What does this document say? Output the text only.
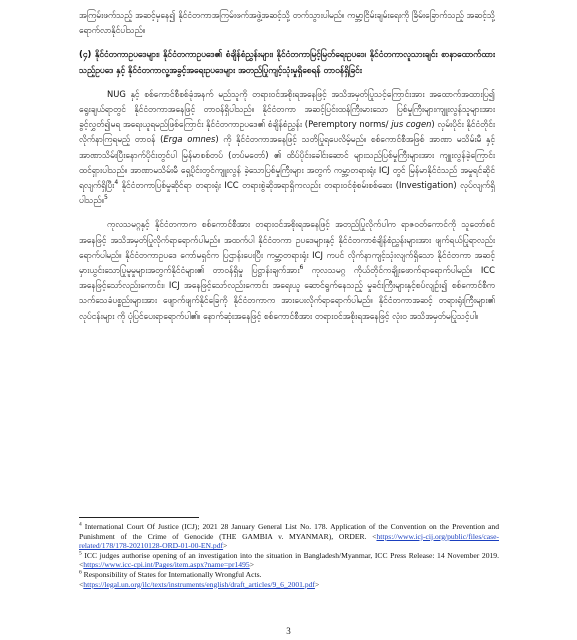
အကြမ်းဖက်သည့် အဆင့်မှနေ၍ နိုင်ငံတကာအကြမ်းဖက်အဖွဲ့အဆင့်သို့ တက်သွားပါမည်။ ကမ္ဘာ့ငြိမ်းချမ်းရေးကို ခြိမ်းခြောက်သည့် အဆင့်သို့ရောက်လာနိုင်ပါသည်။

(၄) နိုင်ငံတကာဥပဒေများ၊ နိုင်ငံတကာဥပဒေ၏ စံချိန်စံညွှန်းများ၊ နိုင်ငံတကာမြင့်မြတ်ရေးဥပဒေ၊ နိုင်ငံတကာလူသားချင်း စာနာထောက်ထားသည့်ဥပဒေ နှင့် နိုင်ငံတကာလူ့အခွင့်အရေးဥပဒေများ အတည်ပြုကျင့်သုံးမှုရှိစေရန် တာဝန်ရှိခြင်း

NUG နှင့် စစ်ကောင်စီစစ်ခုံအနက် မည်သူကို တရားဝင်အစိုးရအနေဖြင့် အသိအမှတ်ပြုသင့်ကြောင်းအား အထောက်အထားပြ၍ ရွေးချယ်ရာတွင် နိုင်ငံတကာအနေဖြင့် တာဝန်ရှိပါသည်။ နိုင်ငံတကာ အဆင့်ပြင်းထန်ကြီးမားသော ပြစ်မှုကြီးများကျူးလွန်သူများအား ခွင့်လွှတ်၍မရ အရေးယူရမည်ဖြစ်ကြောင်း နိုင်ငံတကာဥပဒေ၏ စံချိန်စံညွှန်း (Peremptory norms/ jus cogen) လှမ်းပိုင်း နိုင်ငံတိုင်း လိုက်နာကြရမည့် တာဝန် (Erga omnes) ကို နိုင်ငံတကာအနေဖြင့် သတိပြုရပေလိမ့်မည်။ စစ်ကောင်စီအဖြစ် အာဏာ မသိမ်းမီ နှင့် အာဏာသိမ်းပြီးနောက်ပိုင်းတွင်ပါ မြန်မာစစ်တပ် (တပ်မတော်) ၏ ထိပ်ပိုင်းခေါင်းဆောင် များသည်ပြစ်မှုကြီးများအား ကျူးလွန်ခဲ့ကြောင်းထင်ရှားပါသည်။ အာဏာမသိမ်းမီ ရှေ့ပိုင်းတွင်ကျူးလွန် ခဲ့သောပြစ်မှုကြီးများ အတွက် ကမ္ဘာ့တရားရုံး ICJ တွင် မြန်မာနိုင်ငံသည် အမှုရင်ဆိုင်ရလျက်ရှိပြီး$^4$ နိုင်ငံတကာပြစ်မှုဆိုင်ရာ တရားရုံး ICC တရားစွဲဆိုအရာရှိကလည်း တရားဝင်စုံစမ်းစစ်ဆေး (Investigation) လုပ်လျက်ရှိပါသည်။$^5$

ကုလသမဂ္ဂနှင့် နိုင်ငံတကာက စစ်ကောင်စီအား တရားဝင်အစိုးရအနေဖြင့် အတည်ပြုလိုက်ပါက ရာဇဝတ်ကောင်ကို သူတော်စင်အနေဖြင့် အသိအမှတ်ပြုလိုက်ရာရောက်ပါမည်။ အထက်ပါ နိုင်ငံတကာ ဥပဒေများနှင့် နိုင်ငံတကာစံချိန်စံညွှန်းများအား ဖျက်ရယ်ပြုရာလည်းရောက်ပါမည်။ နိုင်ငံတကာဥပဒေ ကော်မရှင်က ပြဌာန်းပေးပြီး ကမ္ဘာ့တရားရုံး ICJ ကပင် လိုက်နာကျင့်သုံးလျက်ရှိသော နိုင်ငံတကာ အဆင့်မှားယွင်းသောပြုမူမှုများအတွက်နိုင်ငံများ၏ တာဝန်ရှိမှု ပြဋ္ဌာန်းချက်အား$^6$ ကုလသမဂ္ဂ ကိုယ်တိုင်ကချိုးဖောက်ရာရောက်ပါမည်။ ICC အနေဖြင့်သော်လည်းကောင်း၊ ICJ အနေဖြင့်သော်လည်းကောင်း အရေးယူ ဆောင်ရွက်နေသည့် မှုခင်းကြီးများနှင့်စပ်လျဉ်း၍ စစ်ကောင်စီက သက်သေခံပစ္စည်းများအား ဖျောက်ဖျက်နိုင်ခြေကို နိုင်ငံတကာက အားပေးလိုက်ရာရောက်ပါမည်။ နိုင်ငံတကာအဆင့် တရားရုံးကြီးများ၏ လုပ်ငန်းများ ကို ပုံပြင်ပေးရာရောက်ပါ၏။ နောက်ဆုံးအနေဖြင့် စစ်ကောင်စီအား တရားဝင်အစိုးရအနေဖြင့် လုံးဝ အသိအမှတ်မပြုသင့်ပါ။

$^4$ International Court Of Justice (ICJ); 2021 28 January General List No. 178. Application of the Convention on the Prevention and Punishment of the Crime of Genocide (THE GAMBIA v. MYANMAR), ORDER. <https://www.icj-cij.org/public/files/case-related/178/178-20210128-ORD-01-00-EN.pdf>

$^5$ ICC judges authorise opening of an investigation into the situation in Bangladesh/Myanmar, ICC Press Release: 14 November 2019. <https://www.icc-cpi.int/Pages/item.aspx?name=pr1495>

$^6$ Responsibility of States for Internationally Wrongful Acts.

<https://legal.un.org/ilc/texts/instruments/english/draft_articles/9_6_2001.pdf>

3
